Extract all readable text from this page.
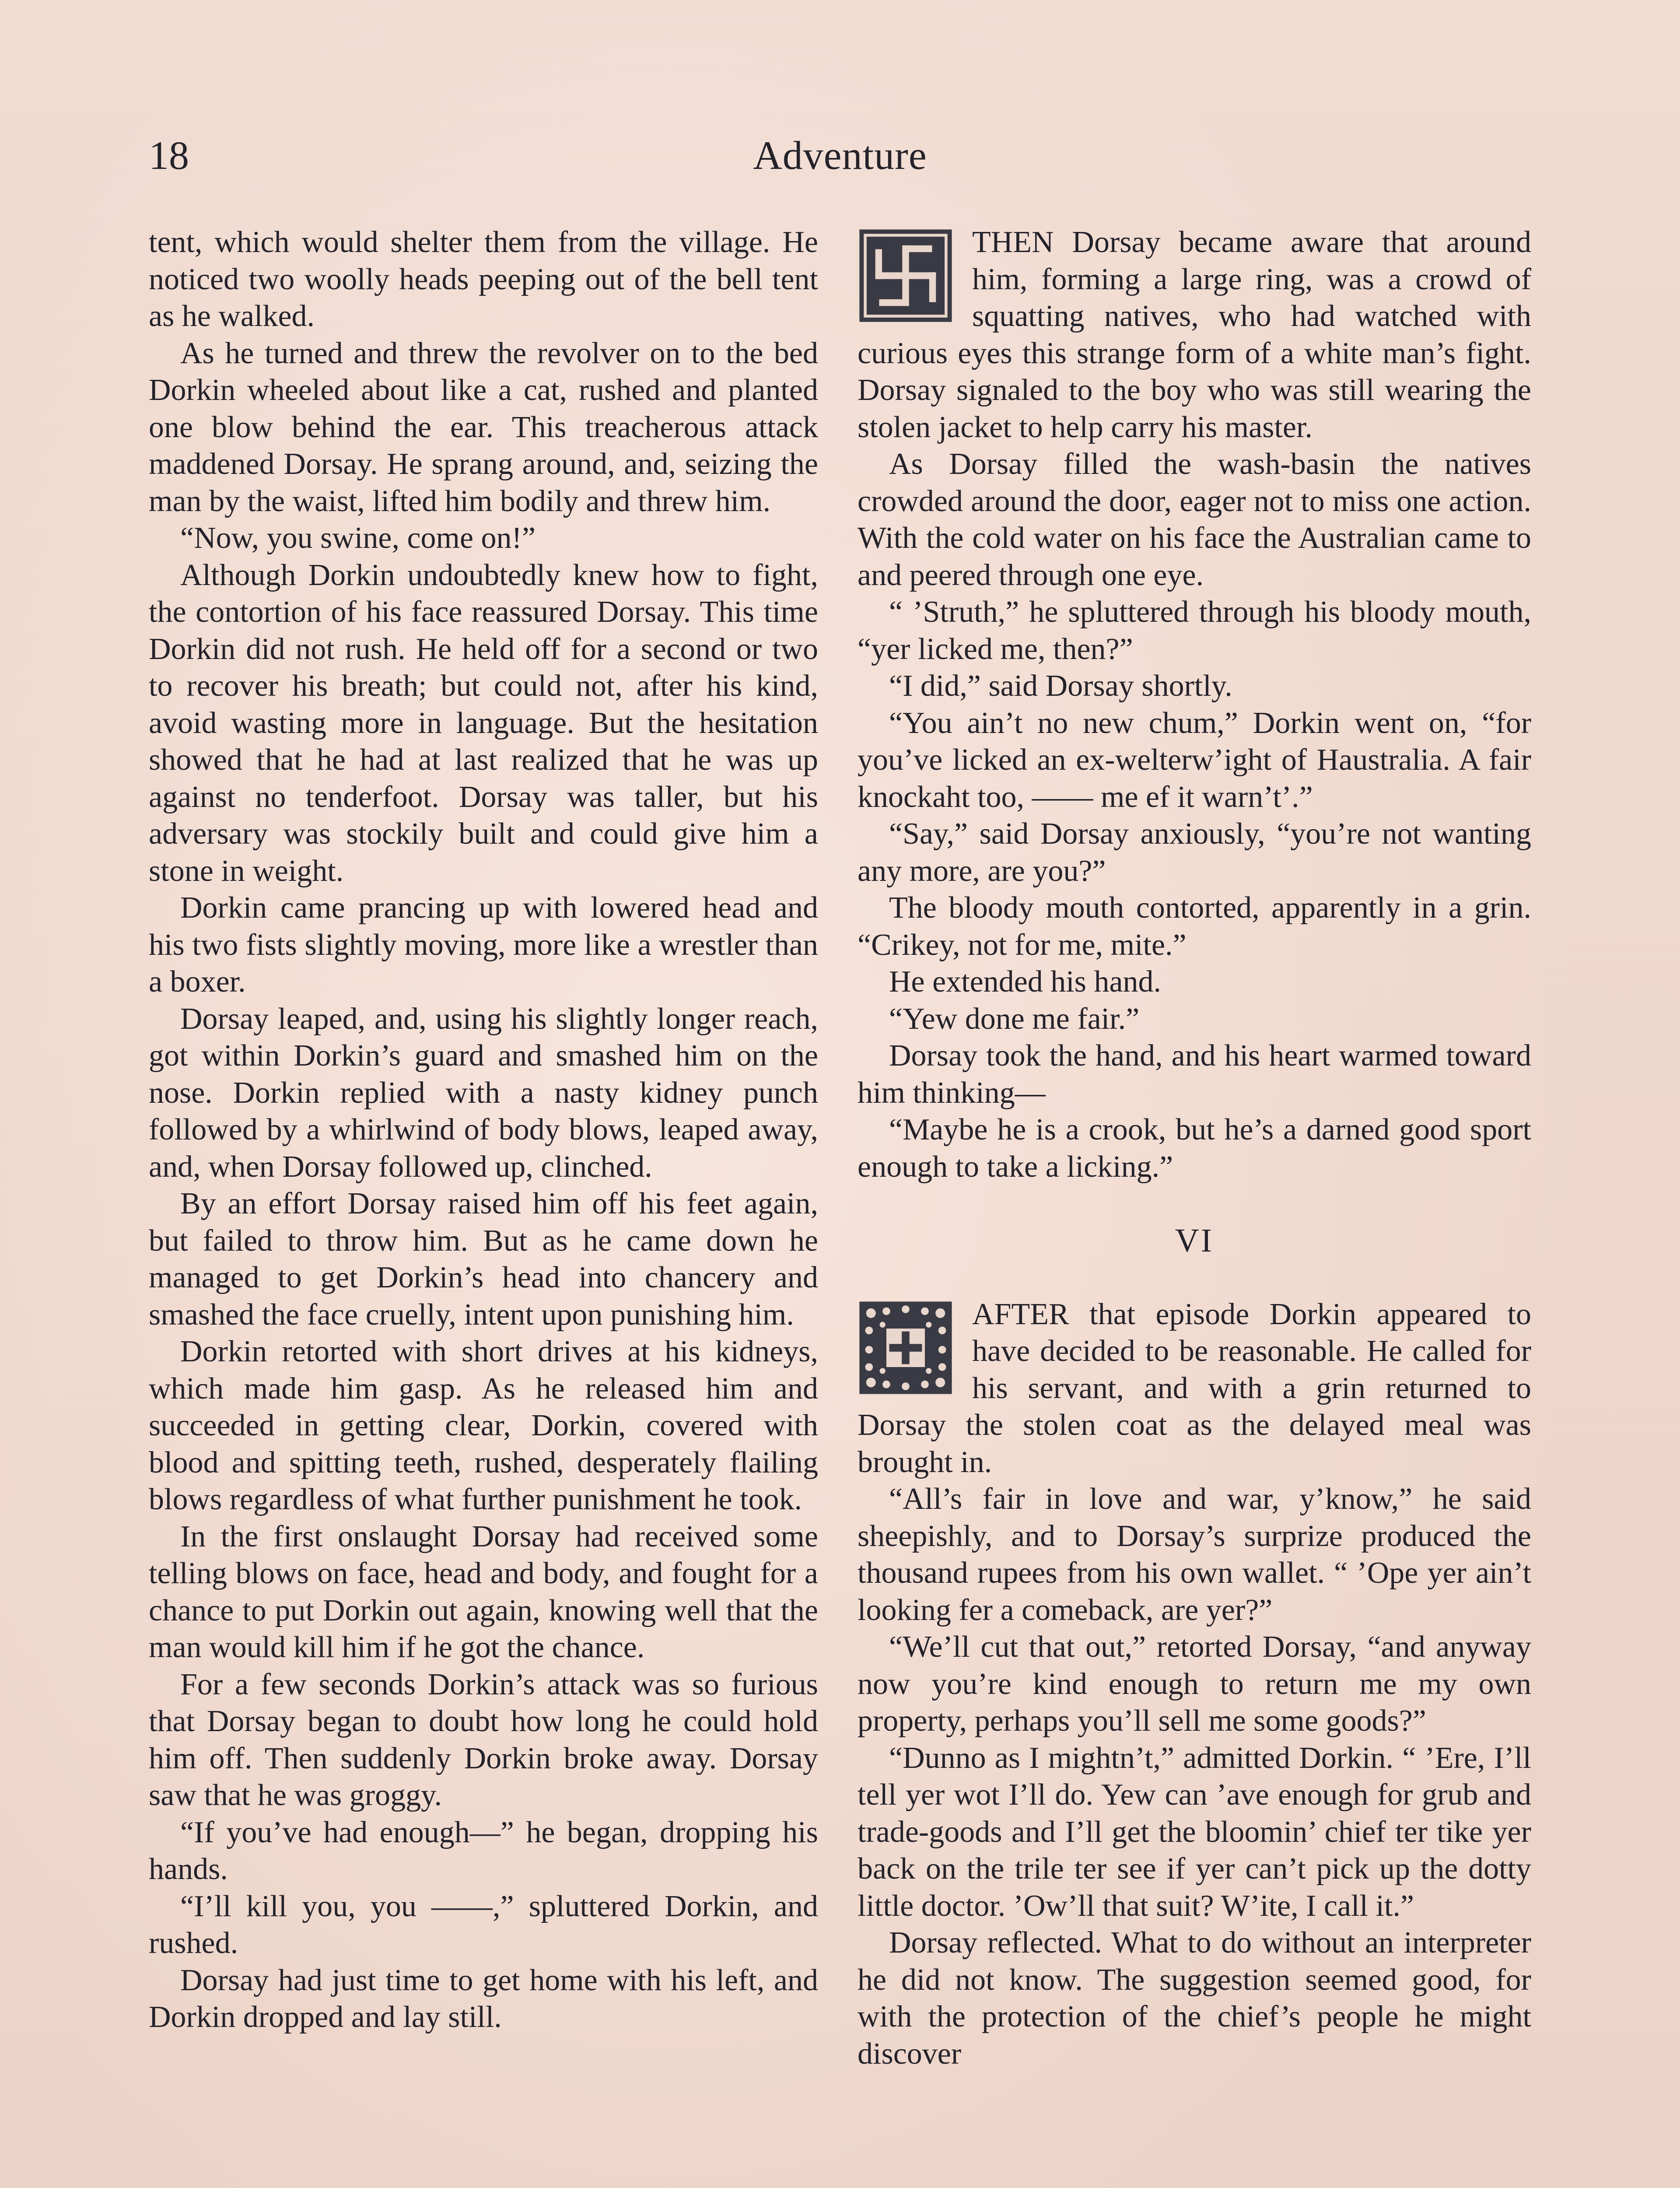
18	Adventure

tent, which would shelter them from the village. He noticed two woolly heads peeping out of the bell tent as he walked.

As he turned and threw the revolver on to the bed Dorkin wheeled about like a cat, rushed and planted one blow behind the ear. This treacherous attack maddened Dorsay. He sprang around, and, seizing the man by the waist, lifted him bodily and threw him.

“Now, you swine, come on!”

Although Dorkin undoubtedly knew how to fight, the contortion of his face reassured Dorsay. This time Dorkin did not rush. He held off for a second or two to recover his breath; but could not, after his kind, avoid wasting more in language. But the hesitation showed that he had at last realized that he was up against no tenderfoot. Dorsay was taller, but his adversary was stockily built and could give him a stone in weight.

Dorkin came prancing up with lowered head and his two fists slightly moving, more like a wrestler than a boxer.

Dorsay leaped, and, using his slightly longer reach, got within Dorkin’s guard and smashed him on the nose. Dorkin replied with a nasty kidney punch followed by a whirlwind of body blows, leaped away, and, when Dorsay followed up, clinched.

By an effort Dorsay raised him off his feet again, but failed to throw him. But as he came down he managed to get Dorkin’s head into chancery and smashed the face cruelly, intent upon punishing him.

Dorkin retorted with short drives at his kidneys, which made him gasp. As he released him and succeeded in getting clear, Dorkin, covered with blood and spitting teeth, rushed, desperately flailing blows regardless of what further punishment he took.

In the first onslaught Dorsay had received some telling blows on face, head and body, and fought for a chance to put Dorkin out again, knowing well that the man would kill him if he got the chance.

For a few seconds Dorkin’s attack was so furious that Dorsay began to doubt how long he could hold him off. Then suddenly Dorkin broke away. Dorsay saw that he was groggy.

“If you’ve had enough—” he began, dropping his hands.

“I’ll kill you, you ——,” spluttered Dorkin, and rushed.

Dorsay had just time to get home with his left, and Dorkin dropped and lay still.

THEN Dorsay became aware that around him, forming a large ring, was a crowd of squatting natives, who had watched with curious eyes this strange form of a white man’s fight. Dorsay signaled to the boy who was still wearing the stolen jacket to help carry his master.

As Dorsay filled the wash-basin the natives crowded around the door, eager not to miss one action. With the cold water on his face the Australian came to and peered through one eye.

“ ’Struth,” he spluttered through his bloody mouth, “yer licked me, then?”

“I did,” said Dorsay shortly.

“You ain’t no new chum,” Dorkin went on, “for you’ve licked an ex-welterw’ight of Haustralia. A fair knockaht too, —— me ef it warn’t’.”

“Say,” said Dorsay anxiously, “you’re not wanting any more, are you?”

The bloody mouth contorted, apparently in a grin. “Crikey, not for me, mite.”

He extended his hand.

“Yew done me fair.”

Dorsay took the hand, and his heart warmed toward him thinking—

“Maybe he is a crook, but he’s a darned good sport enough to take a licking.”

VI

AFTER that episode Dorkin appeared to have decided to be reasonable. He called for his servant, and with a grin returned to Dorsay the stolen coat as the delayed meal was brought in.

“All’s fair in love and war, y’know,” he said sheepishly, and to Dorsay’s surprize produced the thousand rupees from his own wallet. “ ’Ope yer ain’t looking fer a comeback, are yer?”

“We’ll cut that out,” retorted Dorsay, “and anyway now you’re kind enough to return me my own property, perhaps you’ll sell me some goods?”

“Dunno as I mightn’t,” admitted Dorkin. “ ’Ere, I’ll tell yer wot I’ll do. Yew can ’ave enough for grub and trade-goods and I’ll get the bloomin’ chief ter tike yer back on the trile ter see if yer can’t pick up the dotty little doctor. ’Ow’ll that suit? W’ite, I call it.”

Dorsay reflected. What to do without an interpreter he did not know. The suggestion seemed good, for with the protection of the chief’s people he might discover
